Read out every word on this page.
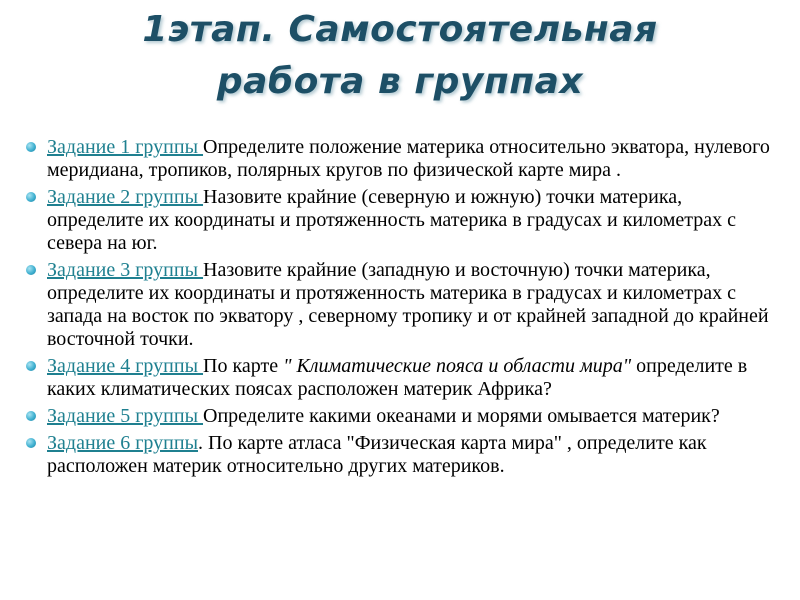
1этап. Самостоятельная
работа в группах
Задание 1 группы Определите положение материка относительно экватора, нулевого меридиана, тропиков, полярных кругов по физической карте мира .
Задание 2 группы Назовите крайние (северную и южную) точки материка, определите их координаты и протяженность материка в градусах и километрах с севера на юг.
Задание 3 группы Назовите крайние (западную и восточную) точки материка, определите их координаты и протяженность материка в градусах и километрах с запада на восток по экватору , северному тропику и от крайней западной до крайней восточной точки.
Задание 4 группы По карте " Климатические пояса и области мира" определите в каких климатических поясах расположен материк Африка?
Задание 5 группы Определите какими океанами и морями омывается материк?
Задание 6 группы. По карте атласа "Физическая карта мира" , определите как расположен материк относительно других материков.
